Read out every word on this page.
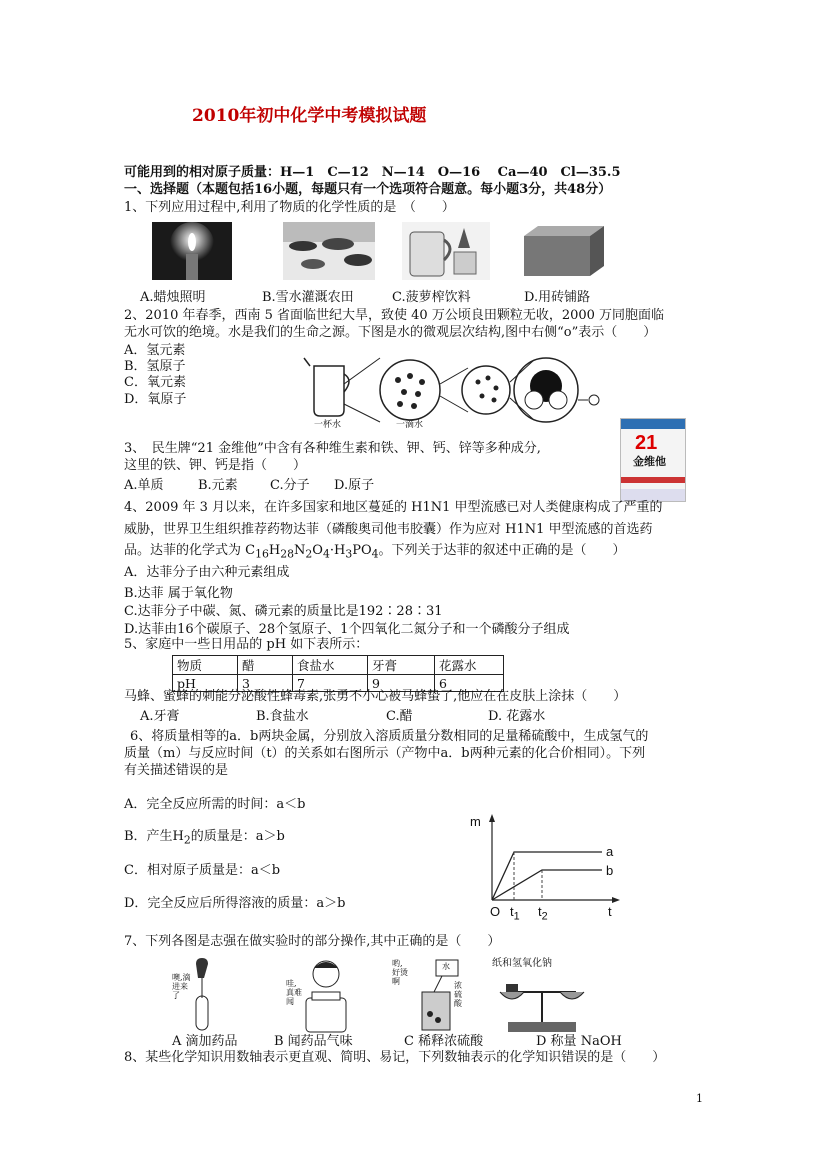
2010年初中化学中考模拟试题
可能用到的相对原子质量：H—1　C—12　N—14　O—16　 Ca—40　Cl—35.5
一、选择题（本题包括16小题，每题只有一个选项符合题意。每小题3分，共48分）
1、下列应用过程中,利用了物质的化学性质的是　（　　）
A.蜡烛照明	B.雪水灌溉农田	C.菠萝榨饮料	D.用砖铺路
2、2010 年春季，西南 5 省面临世纪大旱，致使 40 万公顷良田颗粒无收，2000 万同胞面临
无水可饮的绝境。水是我们的生命之源。下图是水的微观层次结构,图中右侧“o”表示（　　）
A．氢元素
B．氢原子
C．氧元素
D．氧原子
一杯水	一滴水
21
金维他
3、　民生牌“21 金维他”中含有各种维生素和铁、钾、钙、锌等多种成分,
这里的铁、钾、钙是指（　　）
A.单质	B.元素 C.分子 D.原子
4、2009 年 3 月以来，在许多国家和地区蔓延的 H1N1 甲型流感已对人类健康构成了严重的
威胁，世界卫生组织推荐药物达菲（磷酸奥司他韦胶囊）作为应对 H1N1 甲型流感的首选药
品。达菲的化学式为 $C_{16}H_{28}N_2O_4\cdot H_3PO_4$。下列关于达菲的叙述中正确的是（　　）
A．达菲分子由六种元素组成
B.达菲 属于氧化物
C.达菲分子中碳、氮、磷元素的质量比是192∶28∶31
D.达菲由16个碳原子、28个氢原子、1个四氧化二氮分子和一个磷酸分子组成
5、家庭中一些日用品的 pH 如下表所示：
物质	醋	食盐水	牙膏	花露水
pH	3	7	9	6
马蜂、蜜蜂的刺能分泌酸性蜂毒素,张勇不小心被马蜂蛰了,他应在在皮肤上涂抹（　　）
A.牙膏	B.食盐水	C.醋	D. 花露水
6、将质量相等的a．b两块金属，分别放入溶质质量分数相同的足量稀硫酸中，生成氢气的
质量（m）与反应时间（t）的关系如右图所示（产物中a．b两种元素的化合价相同）。下列
有关描述错误的是
A．完全反应所需的时间：a＜b
B．产生$H_2$的质量是：a＞b
C．相对原子质量是：a＜b
D．完全反应后所得溶液的质量：a＞b
m
t
O $t_1$ $t_2$
a
b
7、下列各图是志强在做实验时的部分操作,其中正确的是（　　）
噢,滴进来了
哇,真难闻
哟,好烫啊
水
浓硫酸
纸和氢氧化钠
A 滴加药品	B 闻药品气味	C 稀释浓硫酸	D 称量 NaOH
8、某些化学知识用数轴表示更直观、简明、易记，下列数轴表示的化学知识错误的是（　　）
1
